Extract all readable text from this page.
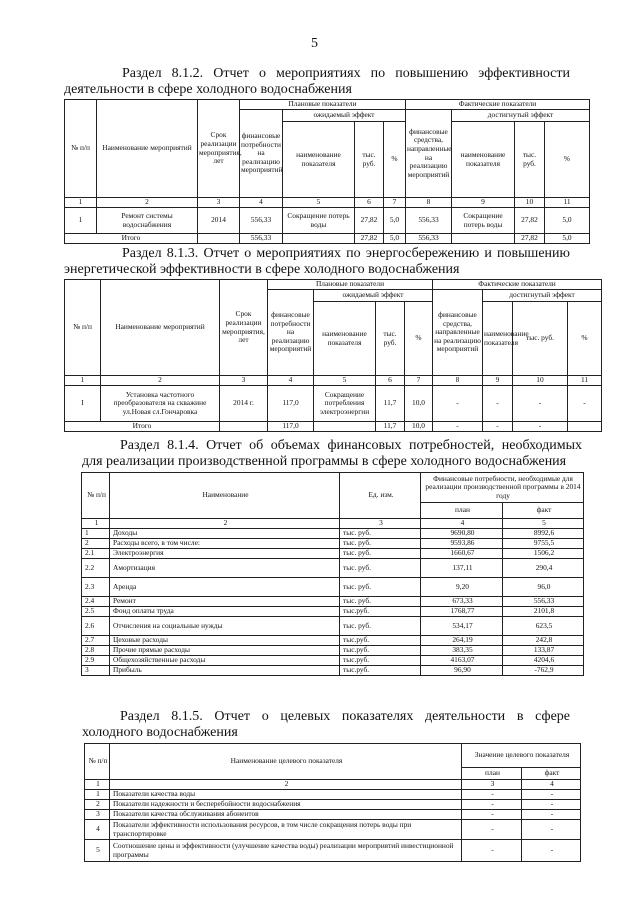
5
Раздел 8.1.2. Отчет о мероприятиях по повышению эффективности
деятельности в сфере холодного водоснабжения
№ п/п	Наименование мероприятий	Срок реализации мероприятия, лет	Плановые показатели				Фактические показатели			
			финансовые потребности на реализацию мероприятий	ожидаемый эффект			финансовые средства, направленные на реализацию мероприятий	достигнутый эффект		
				наименование показателя	тыс. руб.	%		наименование показателя	тыс. руб.	%
1	2	3	4	5	6	7	8	9	10	11
1	Ремонт системы водоснабжения	2014	556,33	Сокращение потерь воды	27,82	5,0	556,33	Сокращение потерь воды	27,82	5,0
Итого			556,33		27,82	5,0	556,33		27,82	5,0
Раздел 8.1.3. Отчет о мероприятиях по энергосбережению и повышению
энергетической эффективности в сфере холодного водоснабжения
№ п/п	Наименование мероприятий	Срок реализации мероприятия, лет	Плановые показатели				Фактические показатели			
			финансовые потребности на реализацию мероприятий	ожидаемый эффект			финансовые средства, направленные на реализацию мероприятий	достигнутый эффект		
				наименование показателя	тыс. руб.	%		наименование показателя	тыс. руб.	%
1	2	3	4	5	6	7	8	9	10	11
I	Установка частотного преобразователя на скважине ул.Новая сл.Гончаровка	2014 г.	117,0	Сокращение потребления электроэнергии	11,7	10,0	-	-	-	-
Итого			117,0		11,7	10,0	-	-	-	
Раздел 8.1.4. Отчет об объемах финансовых потребностей, необходимых
для реализации производственной программы в сфере холодного водоснабжения
№ п/п	Наименование	Ед. изм.	Финансовые потребности, необходимые для реализации производственной программы в 2014 году	
			план	факт
1	2	3	4	5
1	Доходы	тыс. руб.	9690,80	8992,6
2	Расходы всего, в том числе:	тыс. руб.	9593,86	9755,5
2.1	Электроэнергия	тыс. руб.	1660,67	1506,2
2.2	Амортизация	тыс. руб.	137,11	290,4
2.3	Аренда	тыс. руб.	9,20	96,0
2.4	Ремонт	тыс. руб.	673,33	556,33
2.5	Фонд оплаты труда	тыс.руб.	1768,77	2101,8
2.6	Отчисления на социальные нужды	тыс. руб.	534,17	623,5
2.7	Цеховые расходы	тыс.руб.	264,19	242,8
2.8	Прочие прямые расходы	тыс.руб.	383,35	133,87
2.9	Общехозяйственные расходы	тыс.руб.	4163,07	4204,6
3	Прибыль	тыс.руб.	96,90	-762,9
Раздел 8.1.5. Отчет о целевых показателях деятельности в сфере
холодного водоснабжения
№ п/п	Наименование целевого показателя	Значение целевого показателя	
		план	факт
1	2	3	4
1	Показатели качества воды	-	-
2	Показатели надежности и бесперебойности водоснабжения	-	-
3	Показатели качества обслуживания абонентов	-	-
4	Показатели эффективности использования ресурсов, в том числе сокращения потерь воды при транспортировке	-	-
5	Соотношение цены и эффективности (улучшение качества воды) реализации мероприятий инвестиционной программы	-	-
